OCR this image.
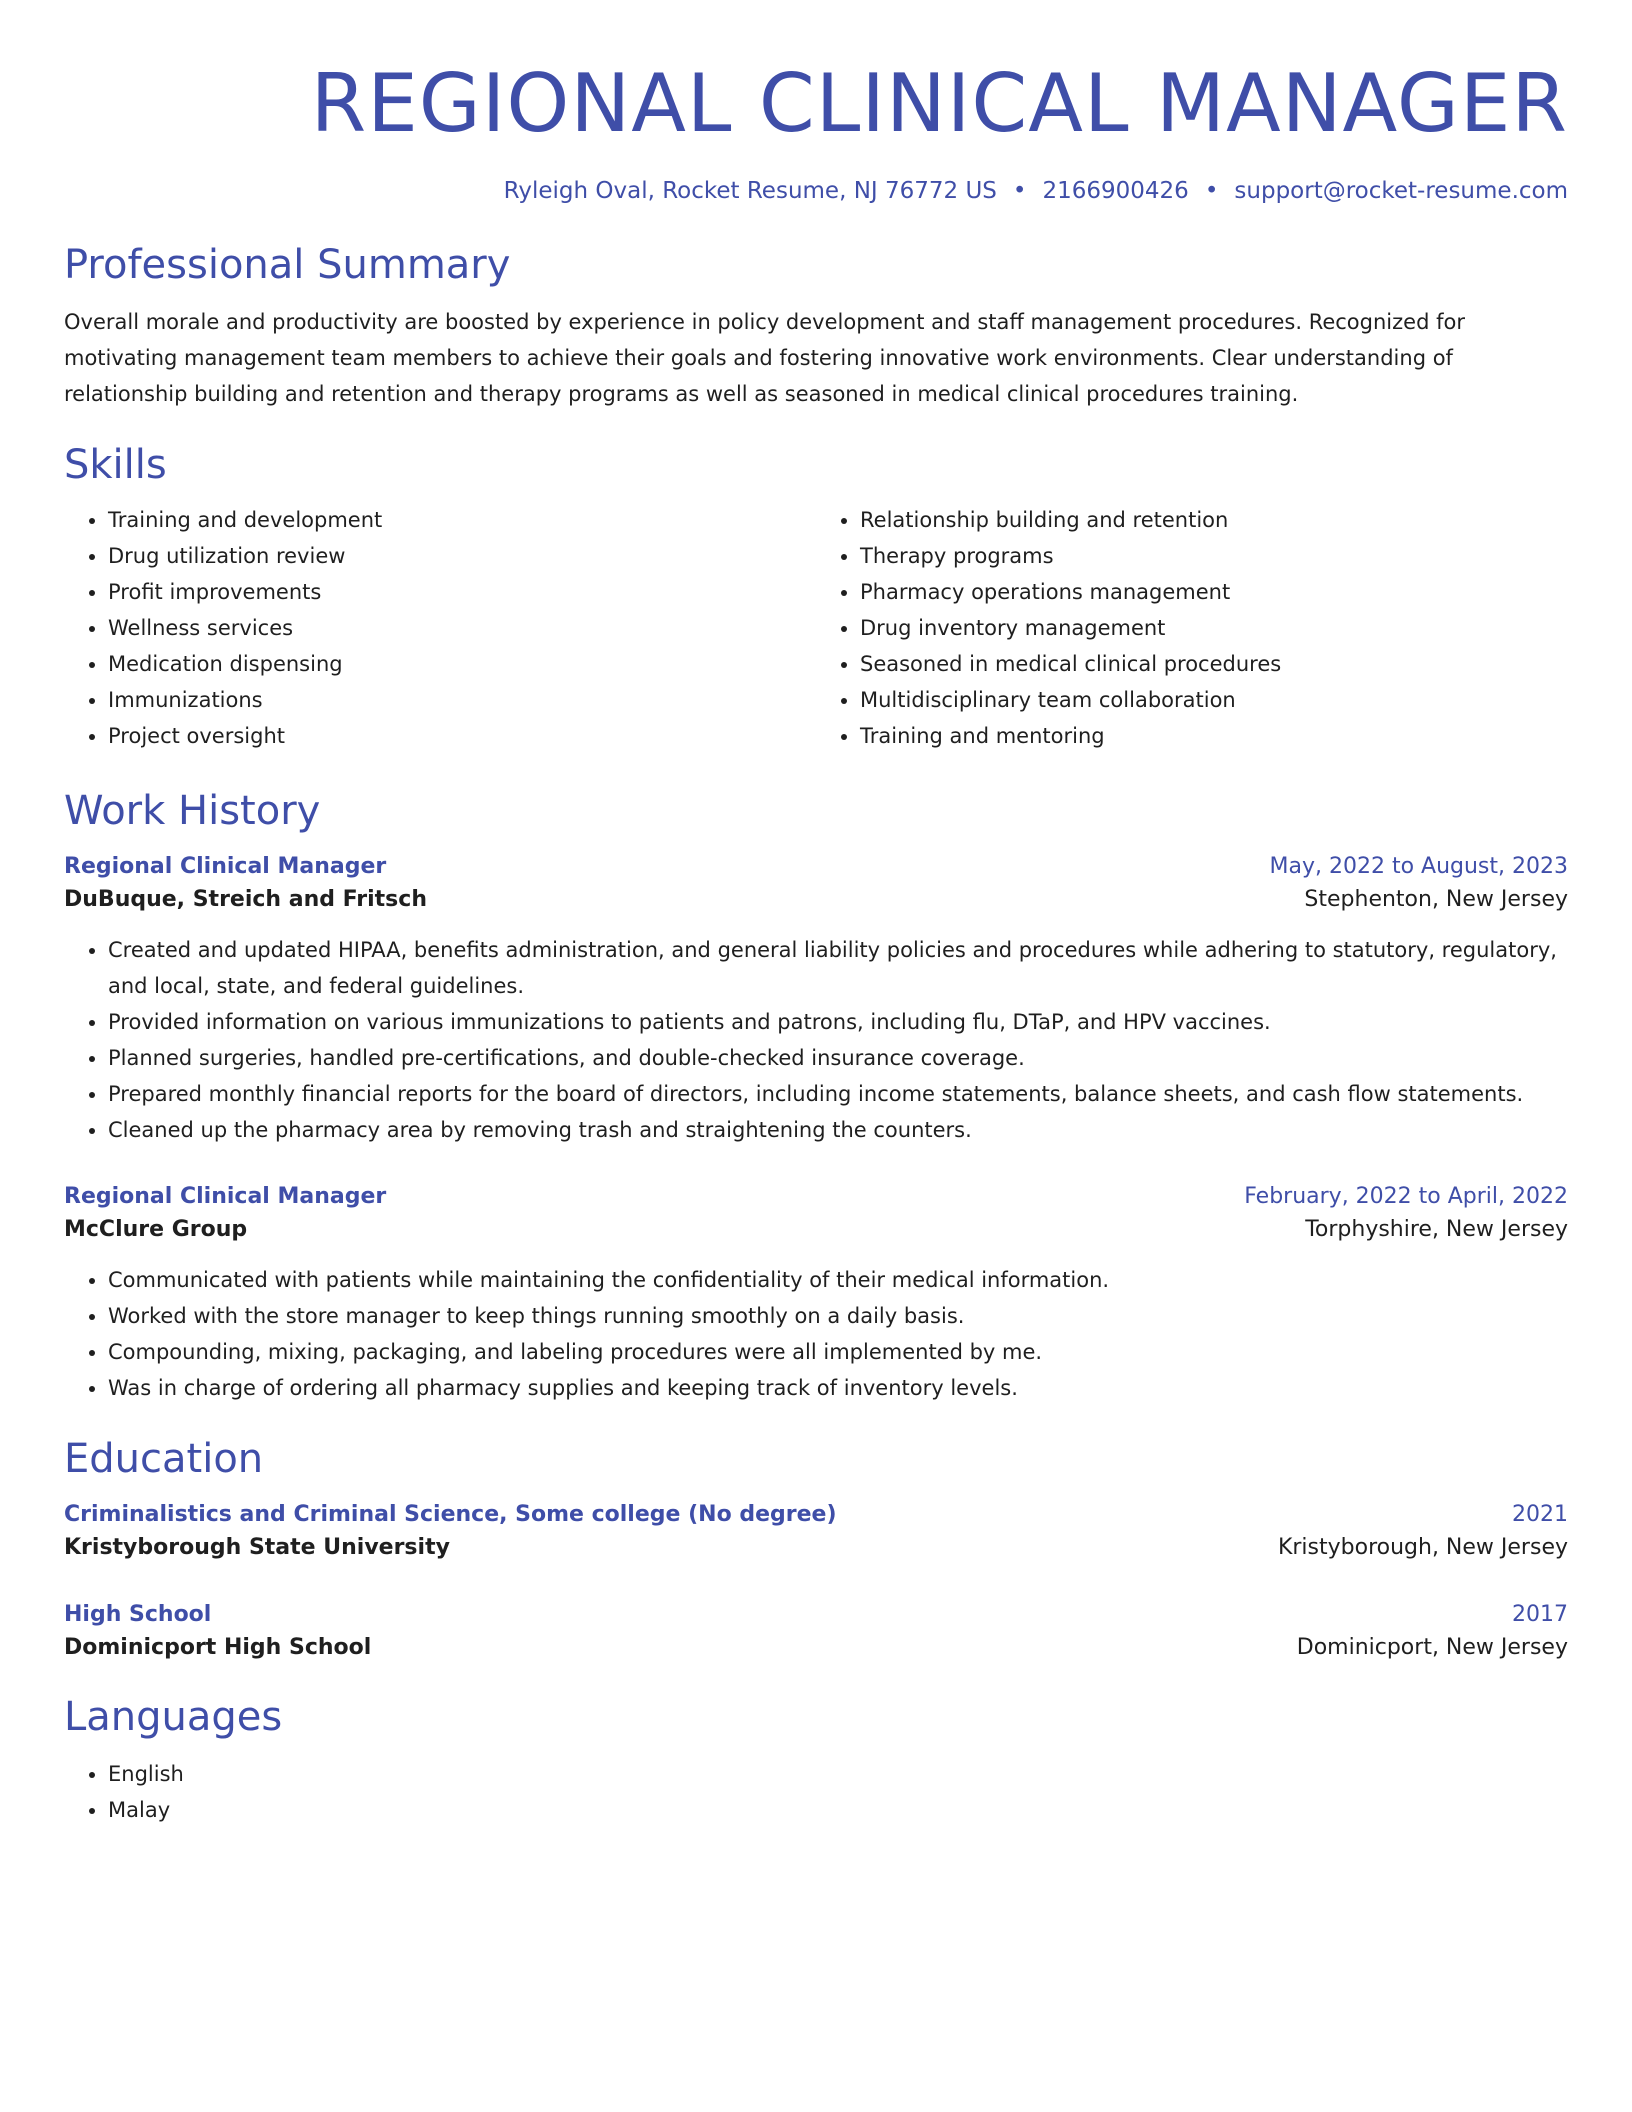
REGIONAL CLINICAL MANAGER
Ryleigh Oval, Rocket Resume, NJ 76772 US • 2166900426 • support@rocket-resume.com
Professional Summary
Overall morale and productivity are boosted by experience in policy development and staff management procedures. Recognized for motivating management team members to achieve their goals and fostering innovative work environments. Clear understanding of relationship building and retention and therapy programs as well as seasoned in medical clinical procedures training.
Skills
• Training and development
• Drug utilization review
• Profit improvements
• Wellness services
• Medication dispensing
• Immunizations
• Project oversight
• Relationship building and retention
• Therapy programs
• Pharmacy operations management
• Drug inventory management
• Seasoned in medical clinical procedures
• Multidisciplinary team collaboration
• Training and mentoring
Work History
Regional Clinical Manager	May, 2022 to August, 2023
DuBuque, Streich and Fritsch	Stephenton, New Jersey
• Created and updated HIPAA, benefits administration, and general liability policies and procedures while adhering to statutory, regulatory, and local, state, and federal guidelines.
• Provided information on various immunizations to patients and patrons, including flu, DTaP, and HPV vaccines.
• Planned surgeries, handled pre-certifications, and double-checked insurance coverage.
• Prepared monthly financial reports for the board of directors, including income statements, balance sheets, and cash flow statements.
• Cleaned up the pharmacy area by removing trash and straightening the counters.
Regional Clinical Manager	February, 2022 to April, 2022
McClure Group	Torphyshire, New Jersey
• Communicated with patients while maintaining the confidentiality of their medical information.
• Worked with the store manager to keep things running smoothly on a daily basis.
• Compounding, mixing, packaging, and labeling procedures were all implemented by me.
• Was in charge of ordering all pharmacy supplies and keeping track of inventory levels.
Education
Criminalistics and Criminal Science, Some college (No degree)	2021
Kristyborough State University	Kristyborough, New Jersey
High School	2017
Dominicport High School	Dominicport, New Jersey
Languages
• English
• Malay
